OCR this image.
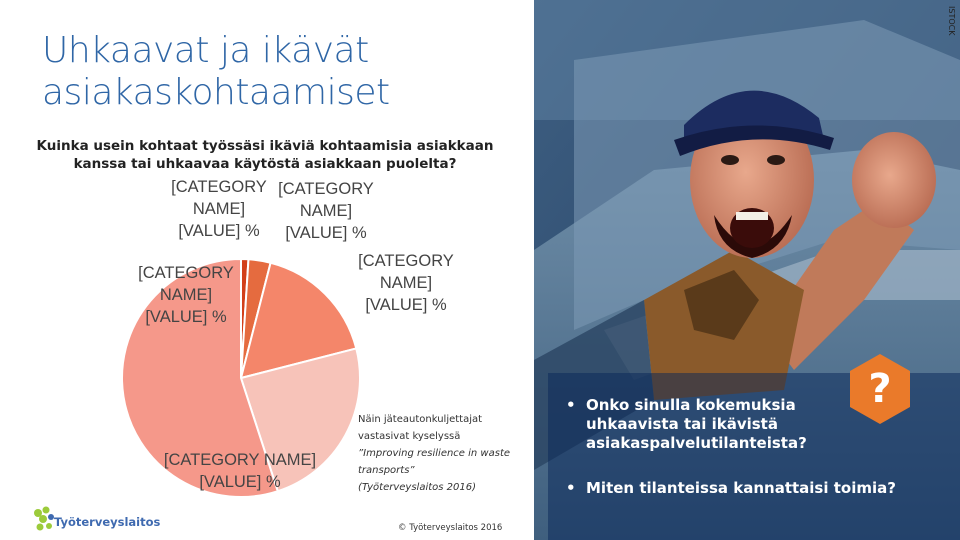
ISTOCK
Uhkaavat ja ikävät asiakaskohtaamiset

Kuinka usein kohtaat työssäsi ikäviä kohtaamisia asiakkaan kanssa tai uhkaavaa käytöstä asiakkaan puolelta?

[CATEGORY NAME]
[VALUE] %
[CATEGORY NAME]
[VALUE] %
[CATEGORY NAME]
[VALUE] %
[CATEGORY NAME]
[VALUE] %
[CATEGORY NAME]
[VALUE] %
Näin jäteautonkuljettajat vastasivat kyselyssä
”Improving resilience in waste transports”
(Työterveyslaitos 2016)
Työterveyslaitos	© Työterveyslaitos 2016
• Onko sinulla kokemuksia uhkaavista tai ikävistä asiakaspalvelutilanteista?
• Miten tilanteissa kannattaisi toimia?
?
